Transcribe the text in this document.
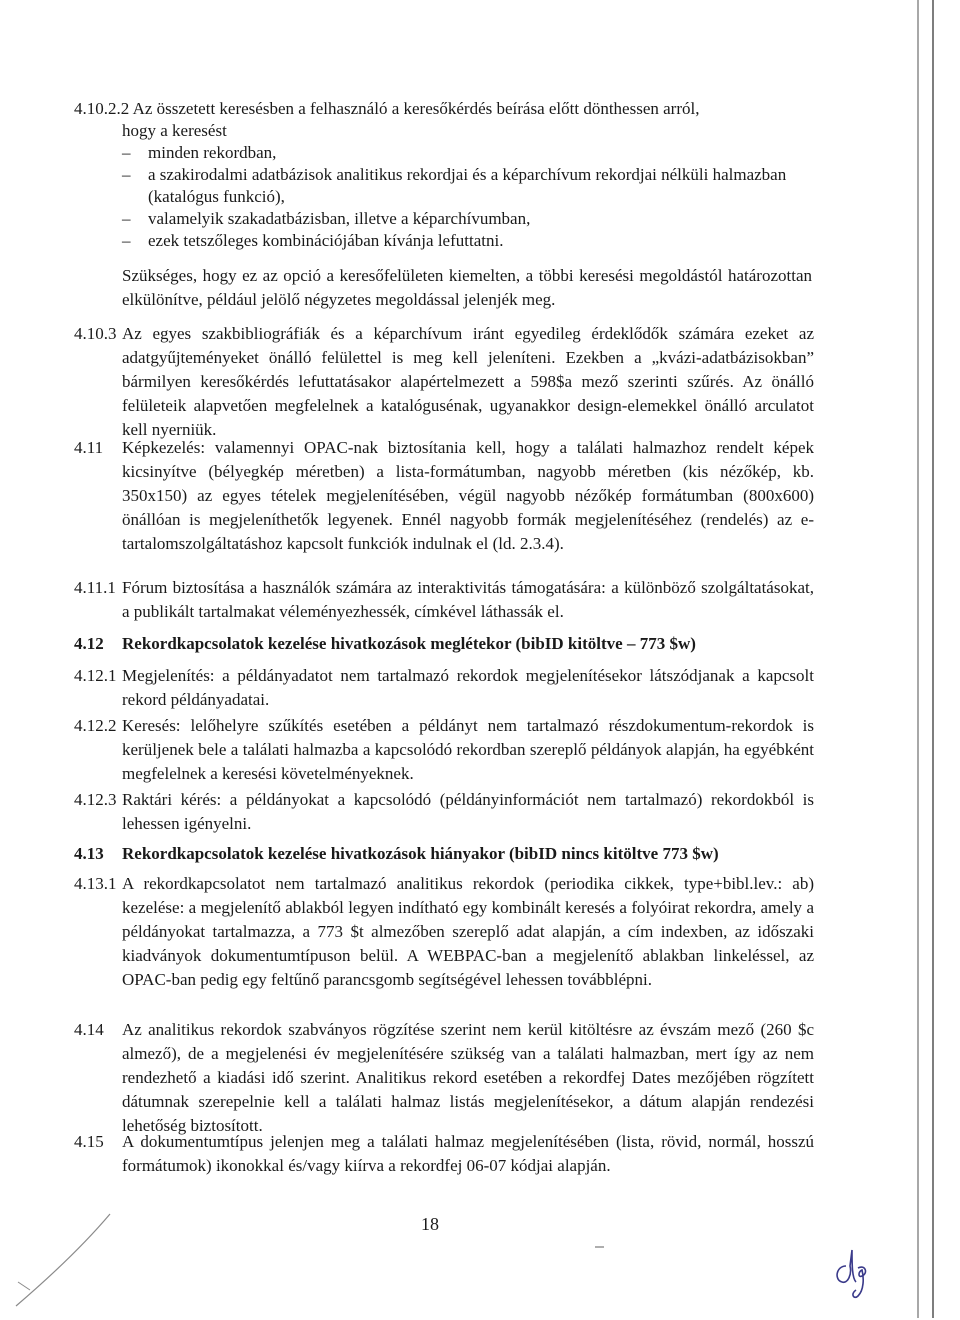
4.10.2.2 Az összetett keresésben a felhasználó a keresőkérdés beírása előtt dönthessen arról,
hogy a keresést
– minden rekordban,
– a szakirodalmi adatbázisok analitikus rekordjai és a képarchívum rekordjai nélküli halmazban (katalógus funkció),
– valamelyik szakadatbázisban, illetve a képarchívumban,
– ezek tetszőleges kombinációjában kívánja lefuttatni.
Szükséges, hogy ez az opció a keresőfelületen kiemelten, a többi keresési megoldástól határozottan elkülönítve, például jelölő négyzetes megoldással jelenjék meg.
4.10.3 Az egyes szakbibliográfiák és a képarchívum iránt egyedileg érdeklődők számára ezeket az adatgyűjteményeket önálló felülettel is meg kell jeleníteni. Ezekben a „kvázi-adatbázisokban” bármilyen keresőkérdés lefuttatásakor alapértelmezett a 598$a mező szerinti szűrés. Az önálló felületeik alapvetően megfelelnek a katalógusénak, ugyanakkor design-elemekkel önálló arculatot kell nyerniük.
4.11 Képkezelés: valamennyi OPAC-nak biztosítania kell, hogy a találati halmazhoz rendelt képek kicsinyítve (bélyegkép méretben) a lista-formátumban, nagyobb méretben (kis nézőkép, kb. 350x150) az egyes tételek megjelenítésében, végül nagyobb nézőkép formátumban (800x600) önállóan is megjeleníthetők legyenek. Ennél nagyobb formák megjelenítéséhez (rendelés) az e-tartalomszolgáltatáshoz kapcsolt funkciók indulnak el (ld. 2.3.4).
4.11.1 Fórum biztosítása a használók számára az interaktivitás támogatására: a különböző szolgáltatásokat, a publikált tartalmakat véleményezhessék, címkével láthassák el.
4.12 Rekordkapcsolatok kezelése hivatkozások meglétekor (bibID kitöltve – 773 $w)
4.12.1 Megjelenítés: a példányadatot nem tartalmazó rekordok megjelenítésekor látszódjanak a kapcsolt rekord példányadatai.
4.12.2 Keresés: lelőhelyre szűkítés esetében a példányt nem tartalmazó részdokumentum-rekordok is kerüljenek bele a találati halmazba a kapcsolódó rekordban szereplő példányok alapján, ha egyébként megfelelnek a keresési követelményeknek.
4.12.3 Raktári kérés: a példányokat a kapcsolódó (példányinformációt nem tartalmazó) rekordokból is lehessen igényelni.
4.13 Rekordkapcsolatok kezelése hivatkozások hiányakor (bibID nincs kitöltve 773 $w)
4.13.1 A rekordkapcsolatot nem tartalmazó analitikus rekordok (periodika cikkek, type+bibl.lev.: ab) kezelése: a megjelenítő ablakból legyen indítható egy kombinált keresés a folyóirat rekordra, amely a példányokat tartalmazza, a 773 $t almezőben szereplő adat alapján, a cím indexben, az időszaki kiadványok dokumentumtípuson belül. A WEBPAC-ban a megjelenítő ablakban linkeléssel, az OPAC-ban pedig egy feltűnő parancsgomb segítségével lehessen továbblépni.
4.14 Az analitikus rekordok szabványos rögzítése szerint nem kerül kitöltésre az évszám mező (260 $c almező), de a megjelenési év megjelenítésére szükség van a találati halmazban, mert így az nem rendezhető a kiadási idő szerint. Analitikus rekord esetében a rekordfej Dates mezőjében rögzített dátumnak szerepelnie kell a találati halmaz listás megjelenítésekor, a dátum alapján rendezési lehetőség biztosított.
4.15 A dokumentumtípus jelenjen meg a találati halmaz megjelenítésében (lista, rövid, normál, hosszú formátumok) ikonokkal és/vagy kiírva a rekordfej 06-07 kódjai alapján.
18
